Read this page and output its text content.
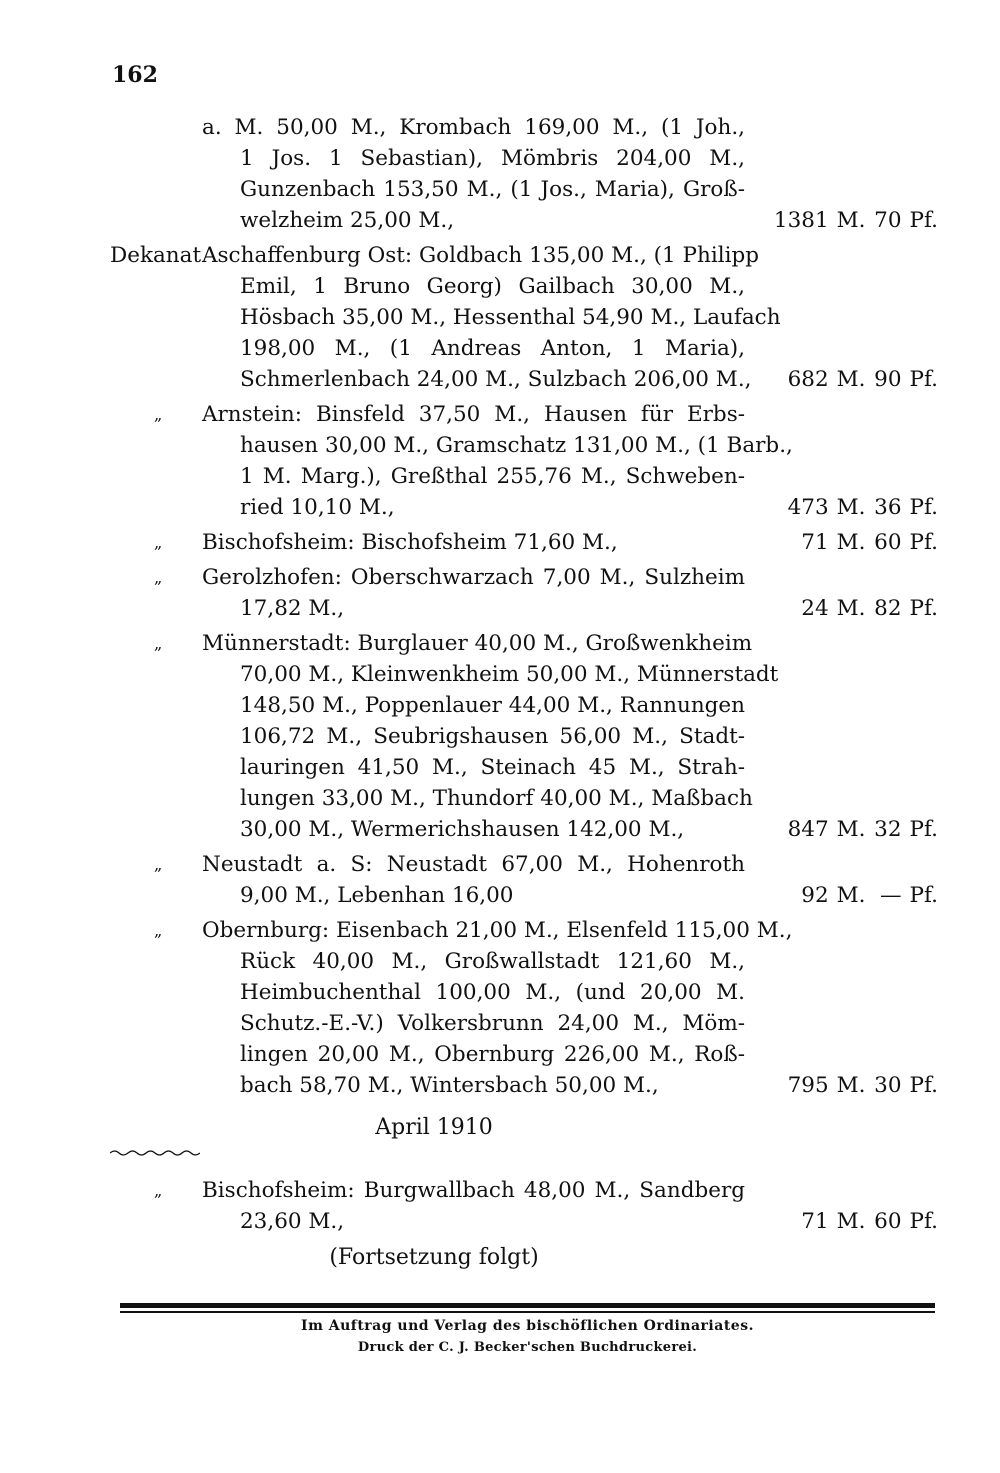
162
a. M. 50,00 M., Krombach 169,00 M., (1 Joh.,
1 Jos. 1 Sebastian), Mömbris 204,00 M.,
Gunzenbach 153,50 M., (1 Jos., Maria), Groß-
welzheim 25,00 M.,	1381 M. 70 Pf.
Dekanat Aschaffenburg Ost: Goldbach 135,00 M., (1 Philipp
Emil, 1 Bruno Georg) Gailbach 30,00 M.,
Hösbach 35,00 M., Hessenthal 54,90 M., Laufach
198,00 M., (1 Andreas Anton, 1 Maria),
Schmerlenbach 24,00 M., Sulzbach 206,00 M., 682 M. 90 Pf.
„ Arnstein: Binsfeld 37,50 M., Hausen für Erbs-
hausen 30,00 M., Gramschatz 131,00 M., (1 Barb.,
1 M. Marg.), Greßthal 255,76 M., Schweben-
ried 10,10 M.,	473 M. 36 Pf.
„ Bischofsheim: Bischofsheim 71,60 M.,	71 M. 60 Pf.
„ Gerolzhofen: Oberschwarzach 7,00 M., Sulzheim
17,82 M.,	24 M. 82 Pf.
„ Münnerstadt: Burglauer 40,00 M., Großwenkheim
70,00 M., Kleinwenkheim 50,00 M., Münnerstadt
148,50 M., Poppenlauer 44,00 M., Rannungen
106,72 M., Seubrigshausen 56,00 M., Stadt-
lauringen 41,50 M., Steinach 45 M., Strah-
lungen 33,00 M., Thundorf 40,00 M., Maßbach
30,00 M., Wermerichshausen 142,00 M.,	847 M. 32 Pf.
„ Neustadt a. S: Neustadt 67,00 M., Hohenroth
9,00 M., Lebenhan 16,00	92 M. — Pf.
„ Obernburg: Eisenbach 21,00 M., Elsenfeld 115,00 M.,
Rück 40,00 M., Großwallstadt 121,60 M.,
Heimbuchenthal 100,00 M., (und 20,00 M.
Schutz.-E.-V.) Volkersbrunn 24,00 M., Möm-
lingen 20,00 M., Obernburg 226,00 M., Roß-
bach 58,70 M., Wintersbach 50,00 M.,	795 M. 30 Pf.
April 1910
„ Bischofsheim: Burgwallbach 48,00 M., Sandberg
23,60 M.,	71 M. 60 Pf.
(Fortsetzung folgt)
Im Auftrag und Verlag des bischöflichen Ordinariates.
Druck der C. J. Becker'schen Buchdruckerei.
